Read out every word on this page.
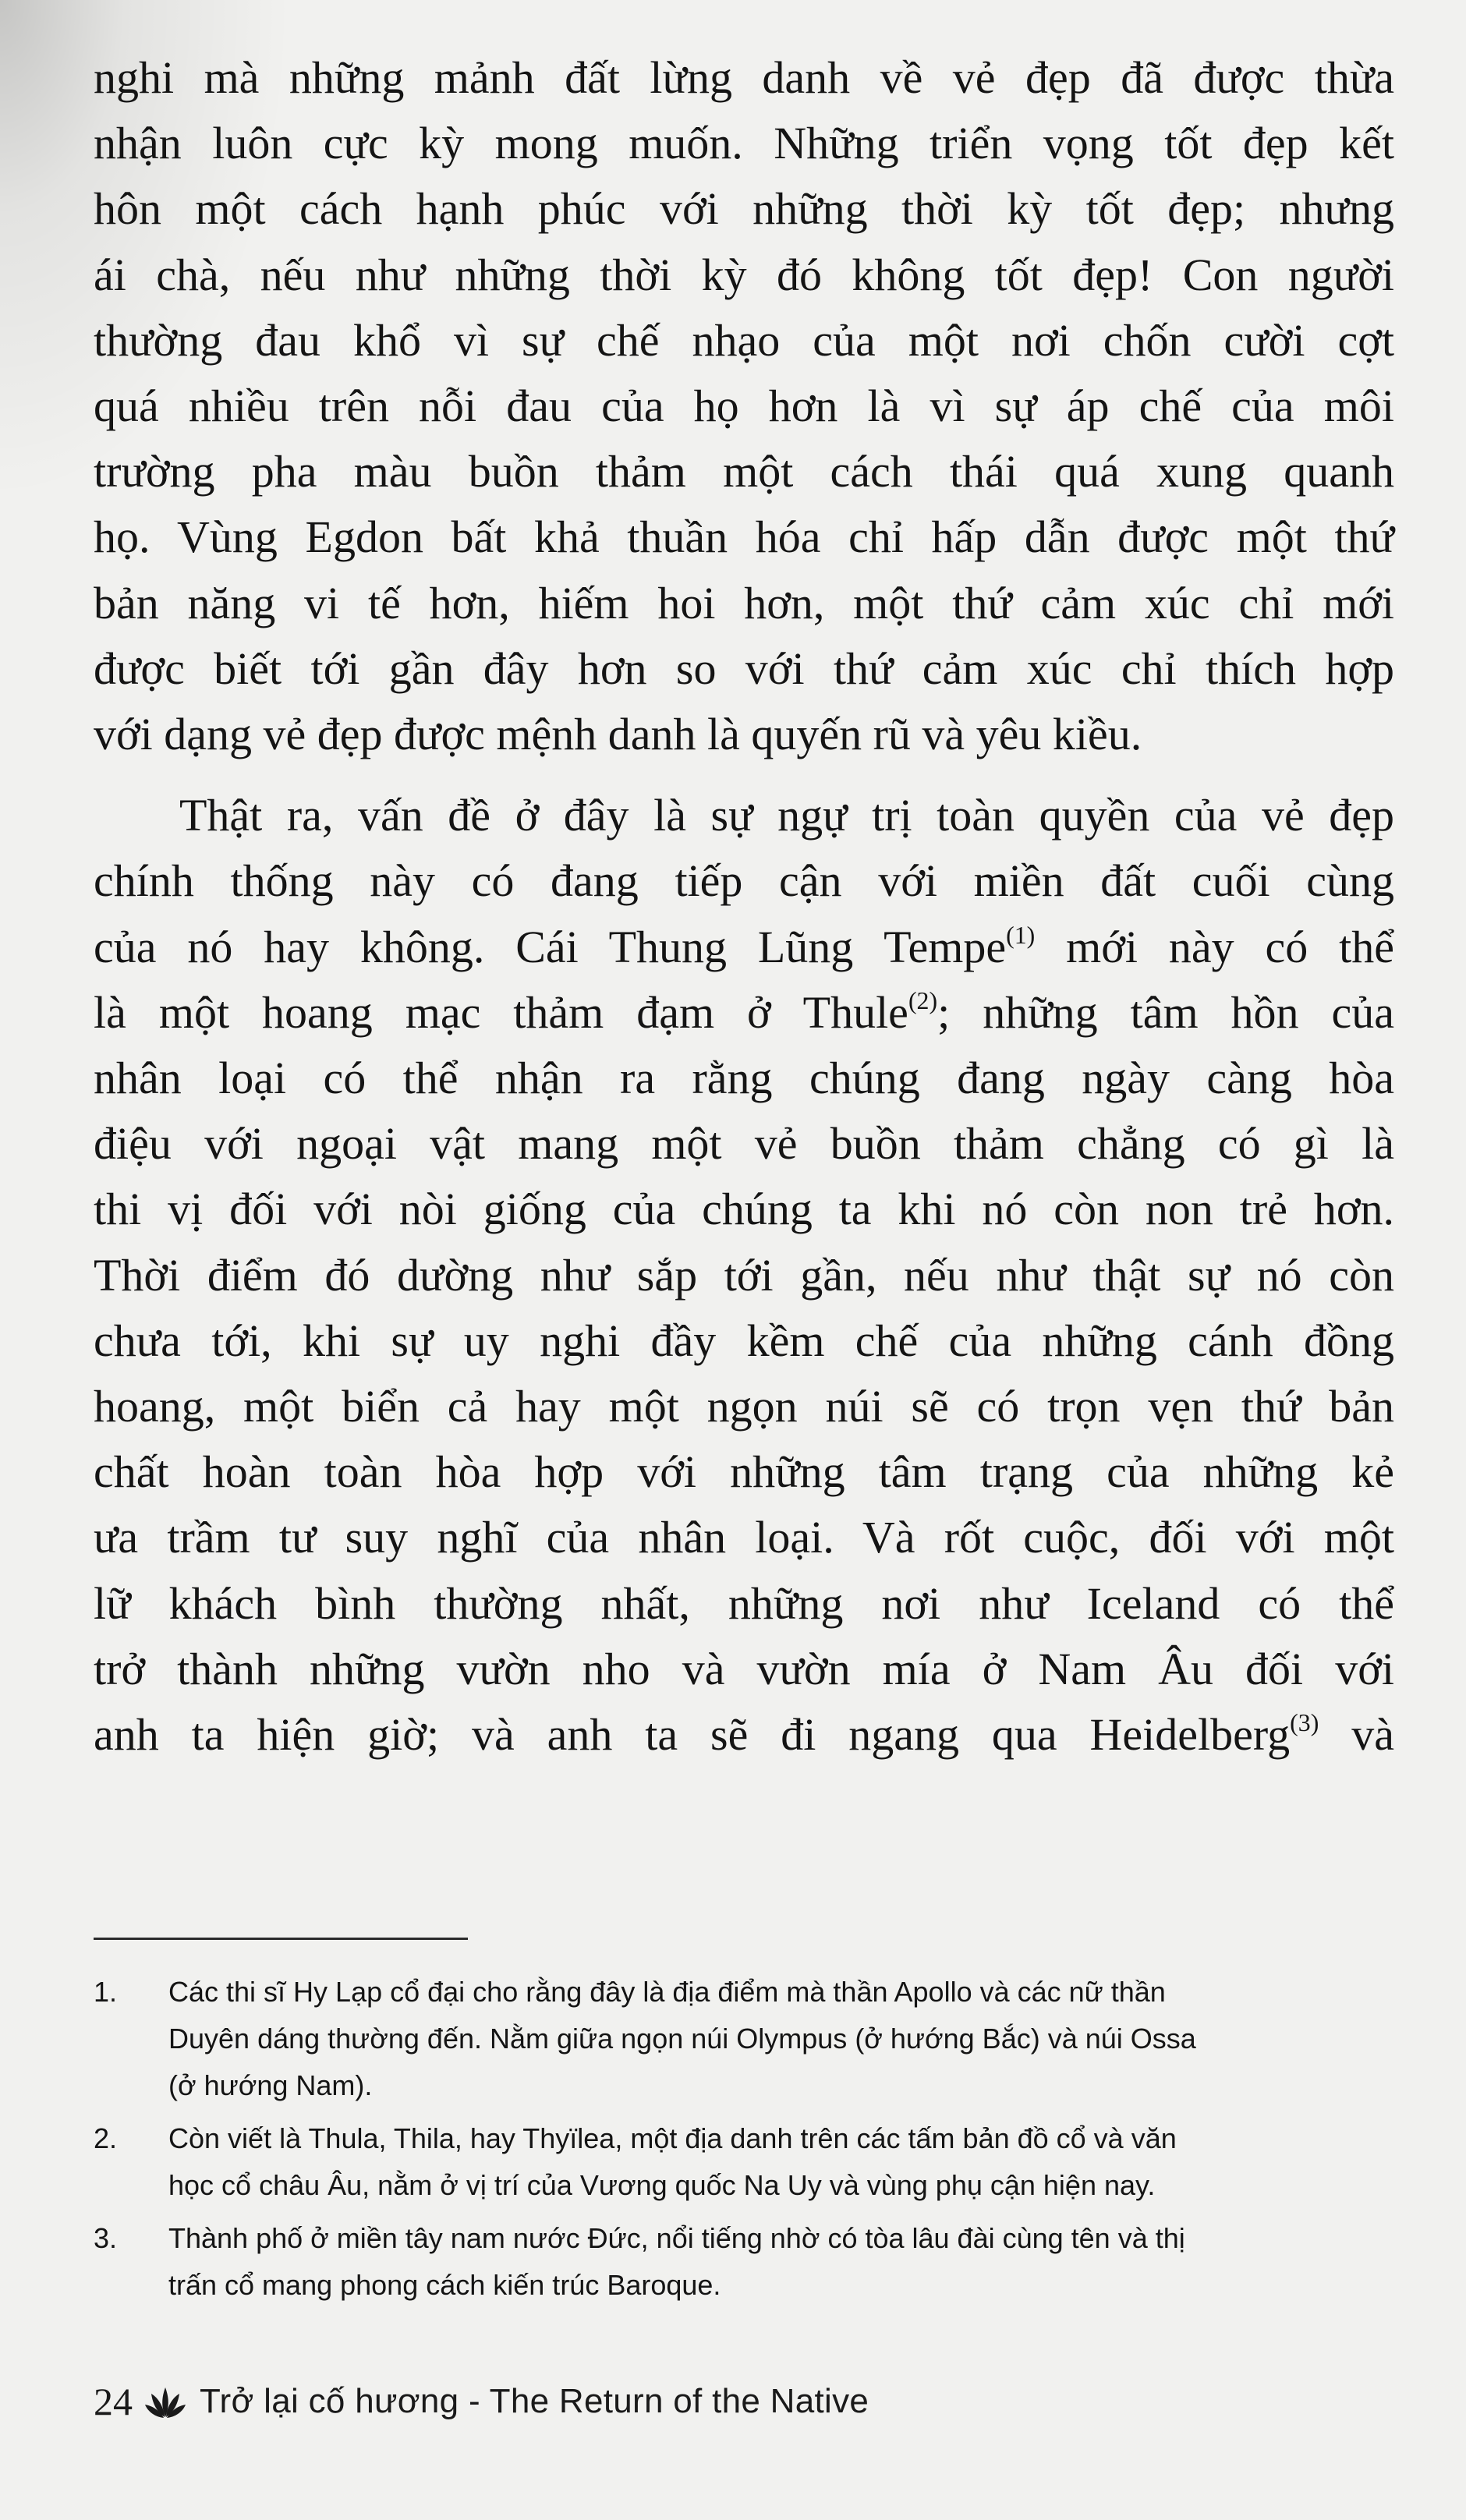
nghi mà những mảnh đất lừng danh về vẻ đẹp đã được thừa
nhận luôn cực kỳ mong muốn. Những triển vọng tốt đẹp kết
hôn một cách hạnh phúc với những thời kỳ tốt đẹp; nhưng
ái chà, nếu như những thời kỳ đó không tốt đẹp! Con người
thường đau khổ vì sự chế nhạo của một nơi chốn cười cợt
quá nhiều trên nỗi đau của họ hơn là vì sự áp chế của môi
trường pha màu buồn thảm một cách thái quá xung quanh
họ. Vùng Egdon bất khả thuần hóa chỉ hấp dẫn được một thứ
bản năng vi tế hơn, hiếm hoi hơn, một thứ cảm xúc chỉ mới
được biết tới gần đây hơn so với thứ cảm xúc chỉ thích hợp
với dạng vẻ đẹp được mệnh danh là quyến rũ và yêu kiều.
Thật ra, vấn đề ở đây là sự ngự trị toàn quyền của vẻ đẹp
chính thống này có đang tiếp cận với miền đất cuối cùng
của nó hay không. Cái Thung Lũng Tempe$^{(1)}$ mới này có thể
là một hoang mạc thảm đạm ở Thule$^{(2)}$; những tâm hồn của
nhân loại có thể nhận ra rằng chúng đang ngày càng hòa
điệu với ngoại vật mang một vẻ buồn thảm chẳng có gì là
thi vị đối với nòi giống của chúng ta khi nó còn non trẻ hơn.
Thời điểm đó dường như sắp tới gần, nếu như thật sự nó còn
chưa tới, khi sự uy nghi đầy kềm chế của những cánh đồng
hoang, một biển cả hay một ngọn núi sẽ có trọn vẹn thứ bản
chất hoàn toàn hòa hợp với những tâm trạng của những kẻ
ưa trầm tư suy nghĩ của nhân loại. Và rốt cuộc, đối với một
lữ khách bình thường nhất, những nơi như Iceland có thể
trở thành những vườn nho và vườn mía ở Nam Âu đối với
anh ta hiện giờ; và anh ta sẽ đi ngang qua Heidelberg$^{(3)}$ và
1. Các thi sĩ Hy Lạp cổ đại cho rằng đây là địa điểm mà thần Apollo và các nữ thần
Duyên dáng thường đến. Nằm giữa ngọn núi Olympus (ở hướng Bắc) và núi Ossa
(ở hướng Nam).
2. Còn viết là Thula, Thila, hay Thyïlea, một địa danh trên các tấm bản đồ cổ và văn
học cổ châu Âu, nằm ở vị trí của Vương quốc Na Uy và vùng phụ cận hiện nay.
3. Thành phố ở miền tây nam nước Đức, nổi tiếng nhờ có tòa lâu đài cùng tên và thị
trấn cổ mang phong cách kiến trúc Baroque.
24 Trở lại cố hương - The Return of the Native
